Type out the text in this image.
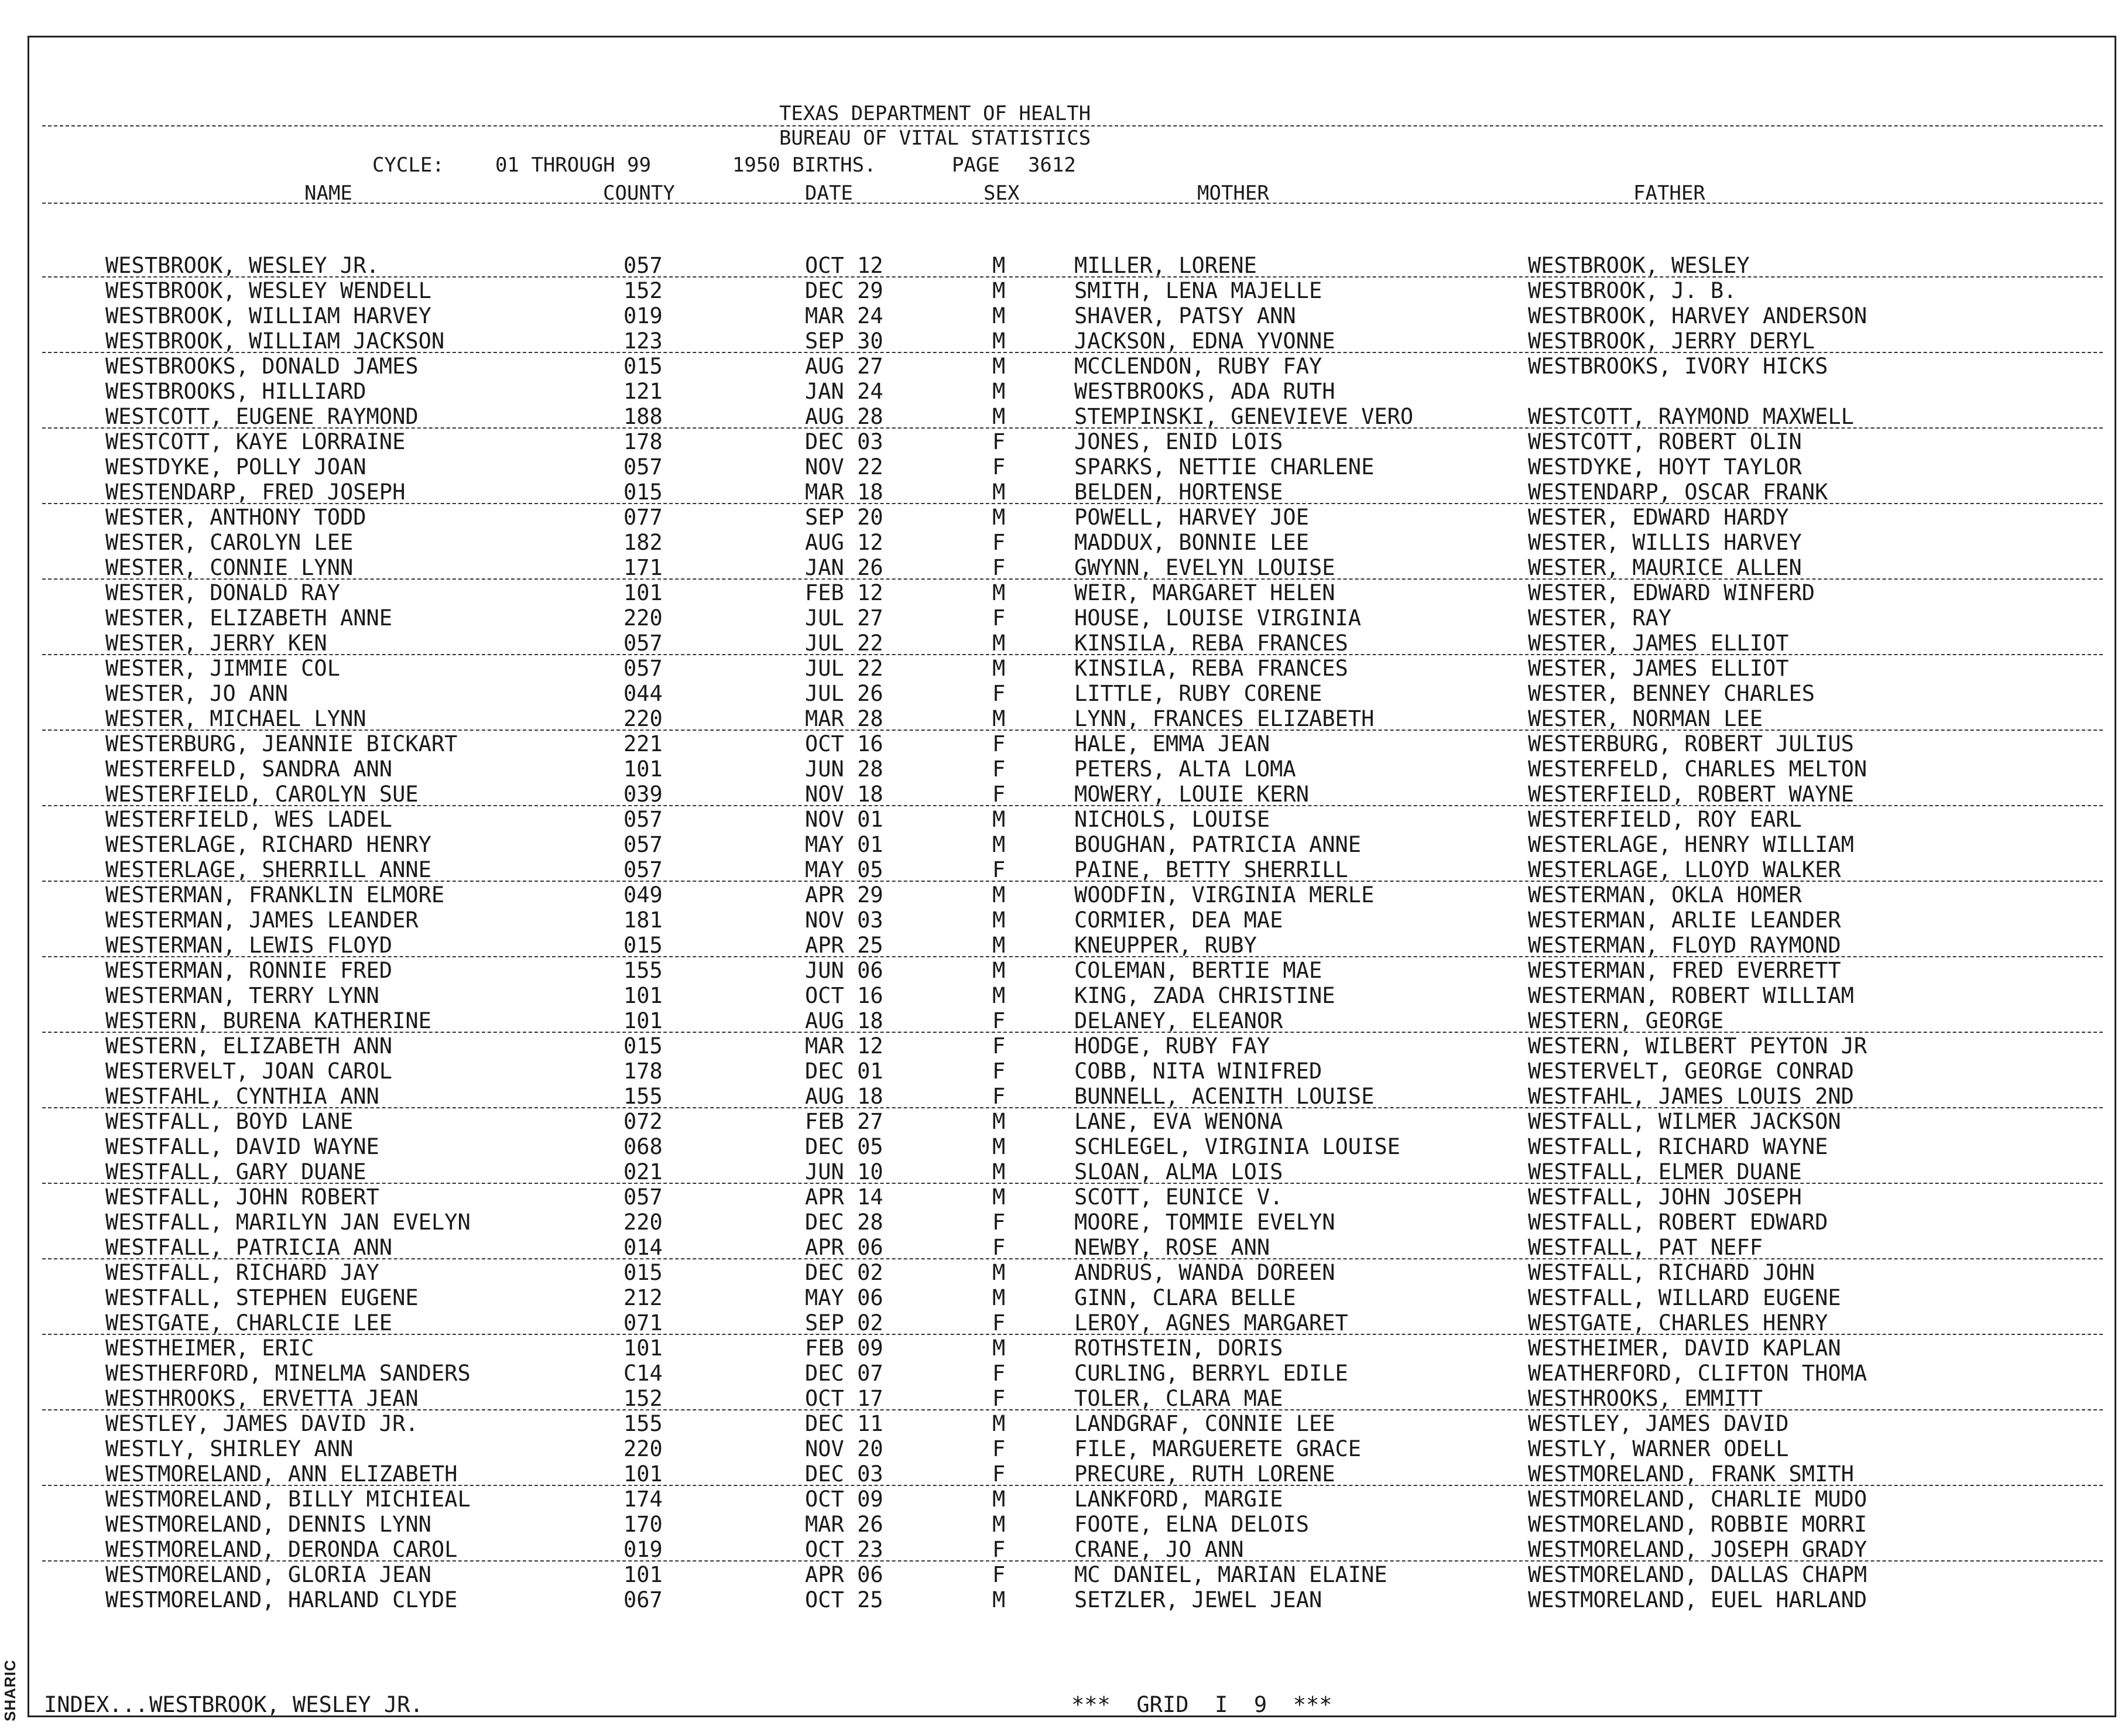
SHARIC

TEXAS DEPARTMENT OF HEALTH

BUREAU OF VITAL STATISTICS

CYCLE:	01 THROUGH 99	1950 BIRTHS.	PAGE	3612

NAME	COUNTY	DATE	SEX	MOTHER	FATHER
WESTBROOK, WESLEY JR.	057	OCT 12	M	MILLER, LORENE	WESTBROOK, WESLEY
WESTBROOK, WESLEY WENDELL	152	DEC 29	M	SMITH, LENA MAJELLE	WESTBROOK, J. B.
WESTBROOK, WILLIAM HARVEY	019	MAR 24	M	SHAVER, PATSY ANN	WESTBROOK, HARVEY ANDERSON
WESTBROOK, WILLIAM JACKSON	123	SEP 30	M	JACKSON, EDNA YVONNE	WESTBROOK, JERRY DERYL
WESTBROOKS, DONALD JAMES	015	AUG 27	M	MCCLENDON, RUBY FAY	WESTBROOKS, IVORY HICKS
WESTBROOKS, HILLIARD	121	JAN 24	M	WESTBROOKS, ADA RUTH
WESTCOTT, EUGENE RAYMOND	188	AUG 28	M	STEMPINSKI, GENEVIEVE VERO	WESTCOTT, RAYMOND MAXWELL
WESTCOTT, KAYE LORRAINE	178	DEC 03	F	JONES, ENID LOIS	WESTCOTT, ROBERT OLIN
WESTDYKE, POLLY JOAN	057	NOV 22	F	SPARKS, NETTIE CHARLENE	WESTDYKE, HOYT TAYLOR
WESTENDARP, FRED JOSEPH	015	MAR 18	M	BELDEN, HORTENSE	WESTENDARP, OSCAR FRANK
WESTER, ANTHONY TODD	077	SEP 20	M	POWELL, HARVEY JOE	WESTER, EDWARD HARDY
WESTER, CAROLYN LEE	182	AUG 12	F	MADDUX, BONNIE LEE	WESTER, WILLIS HARVEY
WESTER, CONNIE LYNN	171	JAN 26	F	GWYNN, EVELYN LOUISE	WESTER, MAURICE ALLEN
WESTER, DONALD RAY	101	FEB 12	M	WEIR, MARGARET HELEN	WESTER, EDWARD WINFERD
WESTER, ELIZABETH ANNE	220	JUL 27	F	HOUSE, LOUISE VIRGINIA	WESTER, RAY
WESTER, JERRY KEN	057	JUL 22	M	KINSILA, REBA FRANCES	WESTER, JAMES ELLIOT
WESTER, JIMMIE COL	057	JUL 22	M	KINSILA, REBA FRANCES	WESTER, JAMES ELLIOT
WESTER, JO ANN	044	JUL 26	F	LITTLE, RUBY CORENE	WESTER, BENNEY CHARLES
WESTER, MICHAEL LYNN	220	MAR 28	M	LYNN, FRANCES ELIZABETH	WESTER, NORMAN LEE
WESTERBURG, JEANNIE BICKART	221	OCT 16	F	HALE, EMMA JEAN	WESTERBURG, ROBERT JULIUS
WESTERFELD, SANDRA ANN	101	JUN 28	F	PETERS, ALTA LOMA	WESTERFELD, CHARLES MELTON
WESTERFIELD, CAROLYN SUE	039	NOV 18	F	MOWERY, LOUIE KERN	WESTERFIELD, ROBERT WAYNE
WESTERFIELD, WES LADEL	057	NOV 01	M	NICHOLS, LOUISE	WESTERFIELD, ROY EARL
WESTERLAGE, RICHARD HENRY	057	MAY 01	M	BOUGHAN, PATRICIA ANNE	WESTERLAGE, HENRY WILLIAM
WESTERLAGE, SHERRILL ANNE	057	MAY 05	F	PAINE, BETTY SHERRILL	WESTERLAGE, LLOYD WALKER
WESTERMAN, FRANKLIN ELMORE	049	APR 29	M	WOODFIN, VIRGINIA MERLE	WESTERMAN, OKLA HOMER
WESTERMAN, JAMES LEANDER	181	NOV 03	M	CORMIER, DEA MAE	WESTERMAN, ARLIE LEANDER
WESTERMAN, LEWIS FLOYD	015	APR 25	M	KNEUPPER, RUBY	WESTERMAN, FLOYD RAYMOND
WESTERMAN, RONNIE FRED	155	JUN 06	M	COLEMAN, BERTIE MAE	WESTERMAN, FRED EVERRETT
WESTERMAN, TERRY LYNN	101	OCT 16	M	KING, ZADA CHRISTINE	WESTERMAN, ROBERT WILLIAM
WESTERN, BURENA KATHERINE	101	AUG 18	F	DELANEY, ELEANOR	WESTERN, GEORGE
WESTERN, ELIZABETH ANN	015	MAR 12	F	HODGE, RUBY FAY	WESTERN, WILBERT PEYTON JR
WESTERVELT, JOAN CAROL	178	DEC 01	F	COBB, NITA WINIFRED	WESTERVELT, GEORGE CONRAD
WESTFAHL, CYNTHIA ANN	155	AUG 18	F	BUNNELL, ACENITH LOUISE	WESTFAHL, JAMES LOUIS 2ND
WESTFALL, BOYD LANE	072	FEB 27	M	LANE, EVA WENONA	WESTFALL, WILMER JACKSON
WESTFALL, DAVID WAYNE	068	DEC 05	M	SCHLEGEL, VIRGINIA LOUISE	WESTFALL, RICHARD WAYNE
WESTFALL, GARY DUANE	021	JUN 10	M	SLOAN, ALMA LOIS	WESTFALL, ELMER DUANE
WESTFALL, JOHN ROBERT	057	APR 14	M	SCOTT, EUNICE V.	WESTFALL, JOHN JOSEPH
WESTFALL, MARILYN JAN EVELYN	220	DEC 28	F	MOORE, TOMMIE EVELYN	WESTFALL, ROBERT EDWARD
WESTFALL, PATRICIA ANN	014	APR 06	F	NEWBY, ROSE ANN	WESTFALL, PAT NEFF
WESTFALL, RICHARD JAY	015	DEC 02	M	ANDRUS, WANDA DOREEN	WESTFALL, RICHARD JOHN
WESTFALL, STEPHEN EUGENE	212	MAY 06	M	GINN, CLARA BELLE	WESTFALL, WILLARD EUGENE
WESTGATE, CHARLCIE LEE	071	SEP 02	F	LEROY, AGNES MARGARET	WESTGATE, CHARLES HENRY
WESTHEIMER, ERIC	101	FEB 09	M	ROTHSTEIN, DORIS	WESTHEIMER, DAVID KAPLAN
WESTHERFORD, MINELMA SANDERS	C14	DEC 07	F	CURLING, BERRYL EDILE	WEATHERFORD, CLIFTON THOMA
WESTHROOKS, ERVETTA JEAN	152	OCT 17	F	TOLER, CLARA MAE	WESTHROOKS, EMMITT
WESTLEY, JAMES DAVID JR.	155	DEC 11	M	LANDGRAF, CONNIE LEE	WESTLEY, JAMES DAVID
WESTLY, SHIRLEY ANN	220	NOV 20	F	FILE, MARGUERETE GRACE	WESTLY, WARNER ODELL
WESTMORELAND, ANN ELIZABETH	101	DEC 03	F	PRECURE, RUTH LORENE	WESTMORELAND, FRANK SMITH
WESTMORELAND, BILLY MICHIEAL	174	OCT 09	M	LANKFORD, MARGIE	WESTMORELAND, CHARLIE MUDO
WESTMORELAND, DENNIS LYNN	170	MAR 26	M	FOOTE, ELNA DELOIS	WESTMORELAND, ROBBIE MORRI
WESTMORELAND, DERONDA CAROL	019	OCT 23	F	CRANE, JO ANN	WESTMORELAND, JOSEPH GRADY
WESTMORELAND, GLORIA JEAN	101	APR 06	F	MC DANIEL, MARIAN ELAINE	WESTMORELAND, DALLAS CHAPM
WESTMORELAND, HARLAND CLYDE	067	OCT 25	M	SETZLER, JEWEL JEAN	WESTMORELAND, EUEL HARLAND
INDEX... WESTBROOK, WESLEY JR.	***  GRID  I  9  ***
